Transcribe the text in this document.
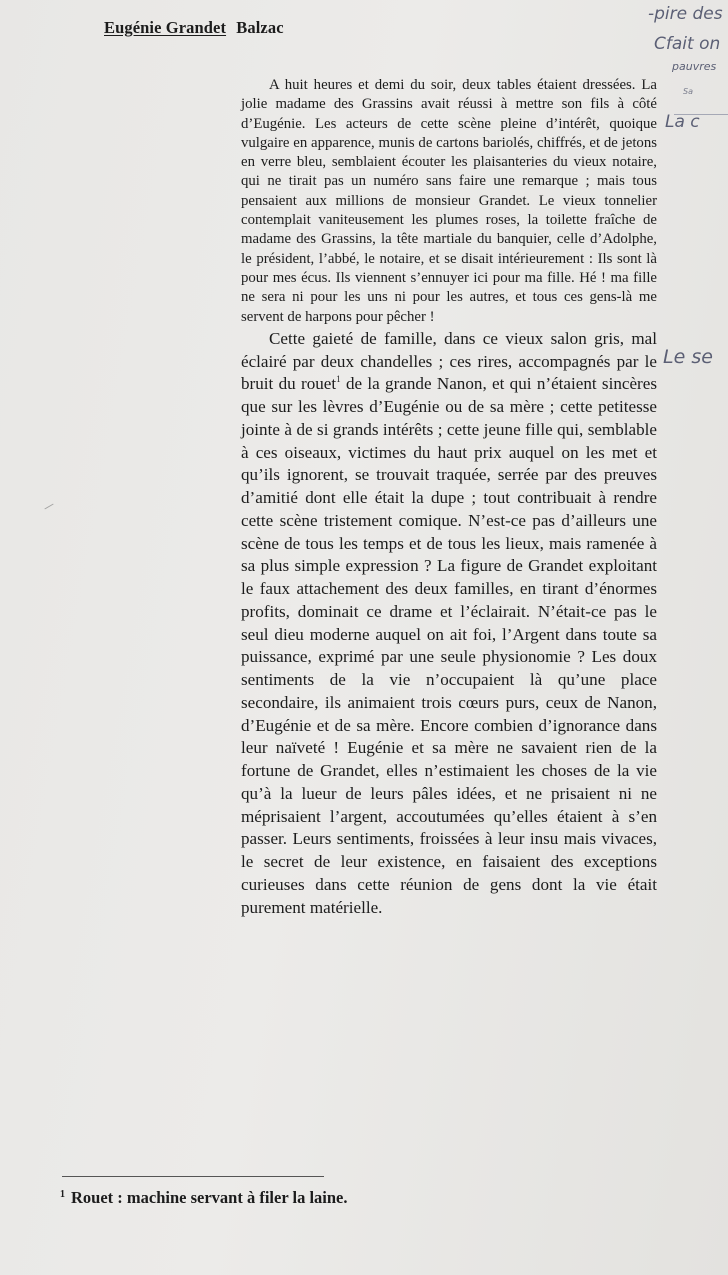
Eugénie Grandet Balzac

A huit heures et demi du soir, deux tables étaient dressées. La jolie madame des Grassins avait réussi à mettre son fils à côté d’Eugénie. Les acteurs de cette scène pleine d’intérêt, quoique vulgaire en apparence, munis de cartons bariolés, chiffrés, et de jetons en verre bleu, semblaient écouter les plaisanteries du vieux notaire, qui ne tirait pas un numéro sans faire une remarque ; mais tous pensaient aux millions de monsieur Grandet. Le vieux tonnelier contemplait vaniteusement les plumes roses, la toilette fraîche de madame des Grassins, la tête martiale du banquier, celle d’Adolphe, le président, l’abbé, le notaire, et se disait intérieurement : Ils sont là pour mes écus. Ils viennent s’ennuyer ici pour ma fille. Hé ! ma fille ne sera ni pour les uns ni pour les autres, et tous ces gens-là me servent de harpons pour pêcher !

Cette gaieté de famille, dans ce vieux salon gris, mal éclairé par deux chandelles ; ces rires, accompagnés par le bruit du rouet$^1$ de la grande Nanon, et qui n’étaient sincères que sur les lèvres d’Eugénie ou de sa mère ; cette petitesse jointe à de si grands intérêts ; cette jeune fille qui, semblable à ces oiseaux, victimes du haut prix auquel on les met et qu’ils ignorent, se trouvait traquée, serrée par des preuves d’amitié dont elle était la dupe ; tout contribuait à rendre cette scène tristement comique. N’est-ce pas d’ailleurs une scène de tous les temps et de tous les lieux, mais ramenée à sa plus simple expression ? La figure de Grandet exploitant le faux attachement des deux familles, en tirant d’énormes profits, dominait ce drame et l’éclairait. N’était-ce pas le seul dieu moderne auquel on ait foi, l’Argent dans toute sa puissance, exprimé par une seule physionomie ? Les doux sentiments de la vie n’occupaient là qu’une place secondaire, ils animaient trois cœurs purs, ceux de Nanon, d’Eugénie et de sa mère. Encore combien d’ignorance dans leur naïveté ! Eugénie et sa mère ne savaient rien de la fortune de Grandet, elles n’estimaient les choses de la vie qu’à la lueur de leurs pâles idées, et ne prisaient ni ne méprisaient l’argent, accoutumées qu’elles étaient à s’en passer. Leurs sentiments, froissées à leur insu mais vivaces, le secret de leur existence, en faisaient des exceptions curieuses dans cette réunion de gens dont la vie était purement matérielle.

$^1$ Rouet : machine servant à filer la laine.
-pire des
Cfait on
pauvres
Sa
La c
Le se
